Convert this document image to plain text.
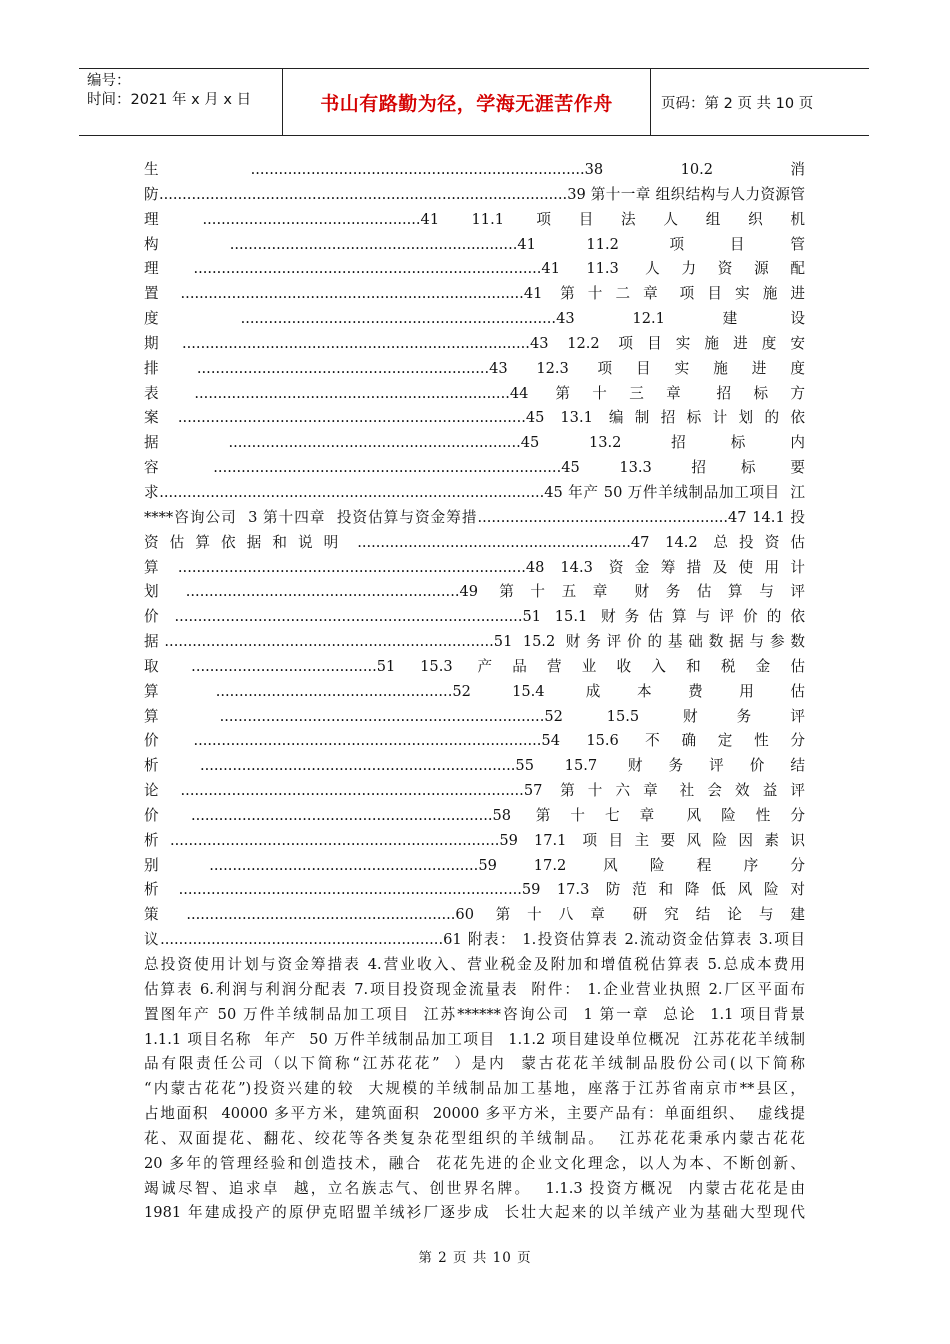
编号：
时间：2021 年 x 月 x 日	书山有路勤为径，学海无涯苦作舟	页码：第 2 页 共 10 页
生    ........................................................................38    10.2    消
防........................................................................................39 第十一章 组织结构与人力资源管
理  ...............................................41  11.1  项 目 法 人 组 织 机
构  ..............................................................41  11.2  项 目 管
理  ...........................................................................41  11.3  人 力 资 源 配
置  ..........................................................................41  第 十 二 章  项 目 实 施 进
度  ....................................................................43  12.1  建 设
期  ...........................................................................43  12.2  项 目 实 施 进 度 安
排  ...............................................................43  12.3  项 目 实 施 进 度
表  ....................................................................44  第 十 三 章  招 标 方
案  ...........................................................................45  13.1  编 制 招 标 计 划 的 依
据  ...............................................................45  13.2  招 标 内
容  ...........................................................................45  13.3  招 标 要
求...................................................................................45 年产 50 万件羊绒制品加工项目  江
****咨询公司  3 第十四章  投资估算与资金筹措......................................................47 14.1 投
资 估 算 依 据 和 说 明  ...........................................................47  14.2  总 投 资 估
算  ...........................................................................48  14.3  资 金 筹 措 及 使 用 计
划  ...........................................................49  第 十 五 章  财 务 估 算 与 评
价  ...........................................................................51  15.1  财 务 估 算 与 评 价 的 依
据 .......................................................................51  15.2  财 务 评 价 的 基 础 数 据 与 参 数
取  ........................................51  15.3  产 品 营 业 收 入 和 税 金 估
算  ...................................................52  15.4  成 本 费 用 估
算  ......................................................................52  15.5  财 务 评
价  ...........................................................................54  15.6  不 确 定 性 分
析  ....................................................................55  15.7  财 务 评 价 结
论  ..........................................................................57  第 十 六 章  社 会 效 益 评
价  .................................................................58  第 十 七 章  风 险 性 分
析 .......................................................................59  17.1  项 目 主 要 风 险 因 素 识
别  ..........................................................59  17.2  风 险 程 序 分
析  ..........................................................................59  17.3  防 范 和 降 低 风 险 对
策  ..........................................................60  第 十 八 章  研 究 结 论 与 建
议.............................................................61 附表： 1.投资估算表 2.流动资金估算表 3.项目
总投资使用计划与资金筹措表 4.营业收入、营业税金及附加和增值税估算表 5.总成本费用
估算表 6.利润与利润分配表 7.项目投资现金流量表  附件： 1.企业营业执照 2.厂区平面布
置图年产 50 万件羊绒制品加工项目  江苏******咨询公司  1 第一章  总论  1.1 项目背景
1.1.1 项目名称  年产  50 万件羊绒制品加工项目  1.1.2 项目建设单位概况  江苏花花羊绒制
品有限责任公司（以下简称“江苏花花”  ）是内  蒙古花花羊绒制品股份公司(以下简称
“内蒙古花花”)投资兴建的较  大规模的羊绒制品加工基地，座落于江苏省南京市**县区，
占地面积  40000 多平方米，建筑面积  20000 多平方米，主要产品有：单面组织、  虚线提
花、双面提花、翻花、绞花等各类复杂花型组织的羊绒制品。  江苏花花秉承内蒙古花花
20 多年的管理经验和创造技术，融合  花花先进的企业文化理念，以人为本、不断创新、
竭诚尽智、追求卓  越，立名族志气、创世界名牌。  1.1.3 投资方概况  内蒙古花花是由
1981 年建成投产的原伊克昭盟羊绒衫厂逐步成  长壮大起来的以羊绒产业为基础大型现代
第 2 页 共 10 页
